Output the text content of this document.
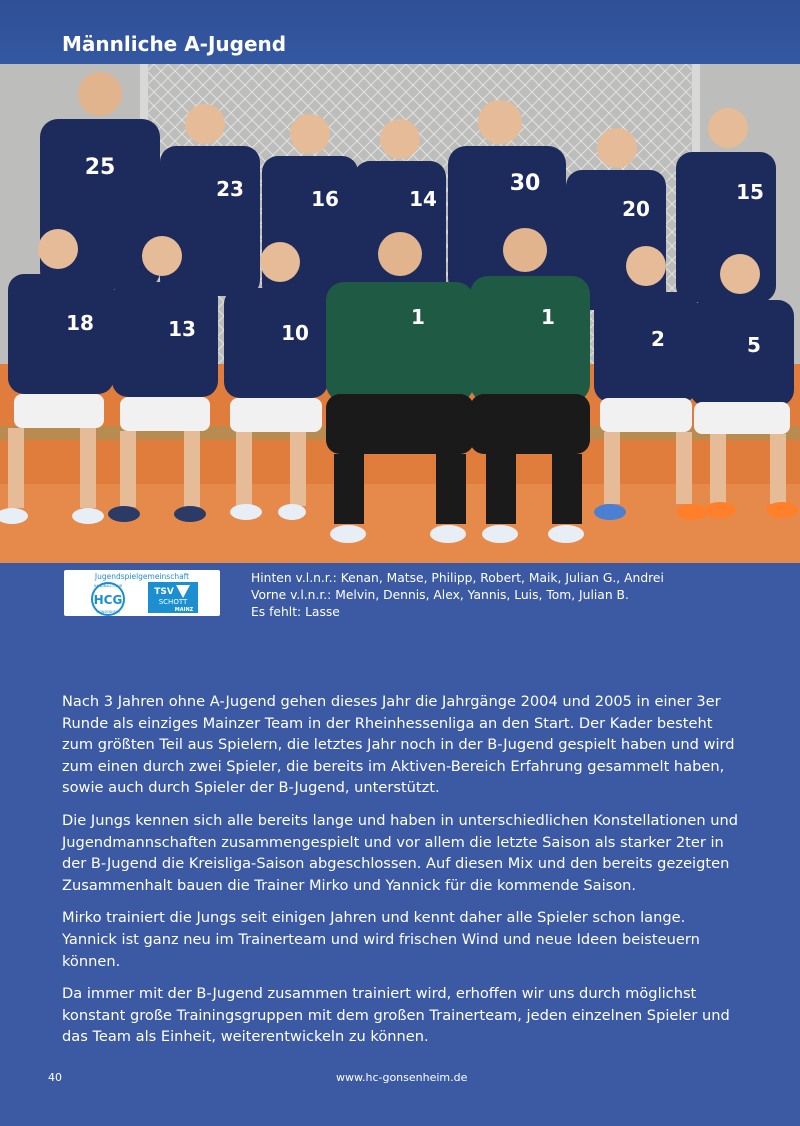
Männliche A-Jugend
25
23	16	14
30
20
15
18	13	10
1	1
2	5
Jugendspielgemeinschaft
HCG
HANDBALL-CLUB
GONSENHEIM
TSV
SCHOTT
MAINZ
Hinten v.l.n.r.: Kenan, Matse, Philipp, Robert, Maik, Julian G., Andrei
Vorne v.l.n.r.: Melvin, Dennis, Alex, Yannis, Luis, Tom, Julian B.
Es fehlt: Lasse

Nach 3 Jahren ohne A-Jugend gehen dieses Jahr die Jahrgänge 2004 und 2005 in einer 3er Runde als einziges Mainzer Team in der Rheinhessenliga an den Start. Der Kader besteht zum größten Teil aus Spielern, die letztes Jahr noch in der B-Jugend gespielt haben und wird zum einen durch zwei Spieler, die bereits im Aktiven-Bereich Erfahrung gesammelt haben, sowie auch durch Spieler der B-Jugend, unterstützt.

Die Jungs kennen sich alle bereits lange und haben in unterschiedlichen Konstellationen und Jugendmannschaften zusammengespielt und vor allem die letzte Saison als starker 2ter in der B-Jugend die Kreisliga-Saison abgeschlossen. Auf diesen Mix und den bereits gezeigten Zusammenhalt bauen die Trainer Mirko und Yannick für die kommende Saison.

Mirko trainiert die Jungs seit einigen Jahren und kennt daher alle Spieler schon lange. Yannick ist ganz neu im Trainerteam und wird frischen Wind und neue Ideen beisteuern können.

Da immer mit der B-Jugend zusammen trainiert wird, erhoffen wir uns durch möglichst konstant große Trainingsgruppen mit dem großen Trainerteam, jeden einzelnen Spieler und das Team als Einheit, weiterentwickeln zu können.

40	www.hc-gonsenheim.de
